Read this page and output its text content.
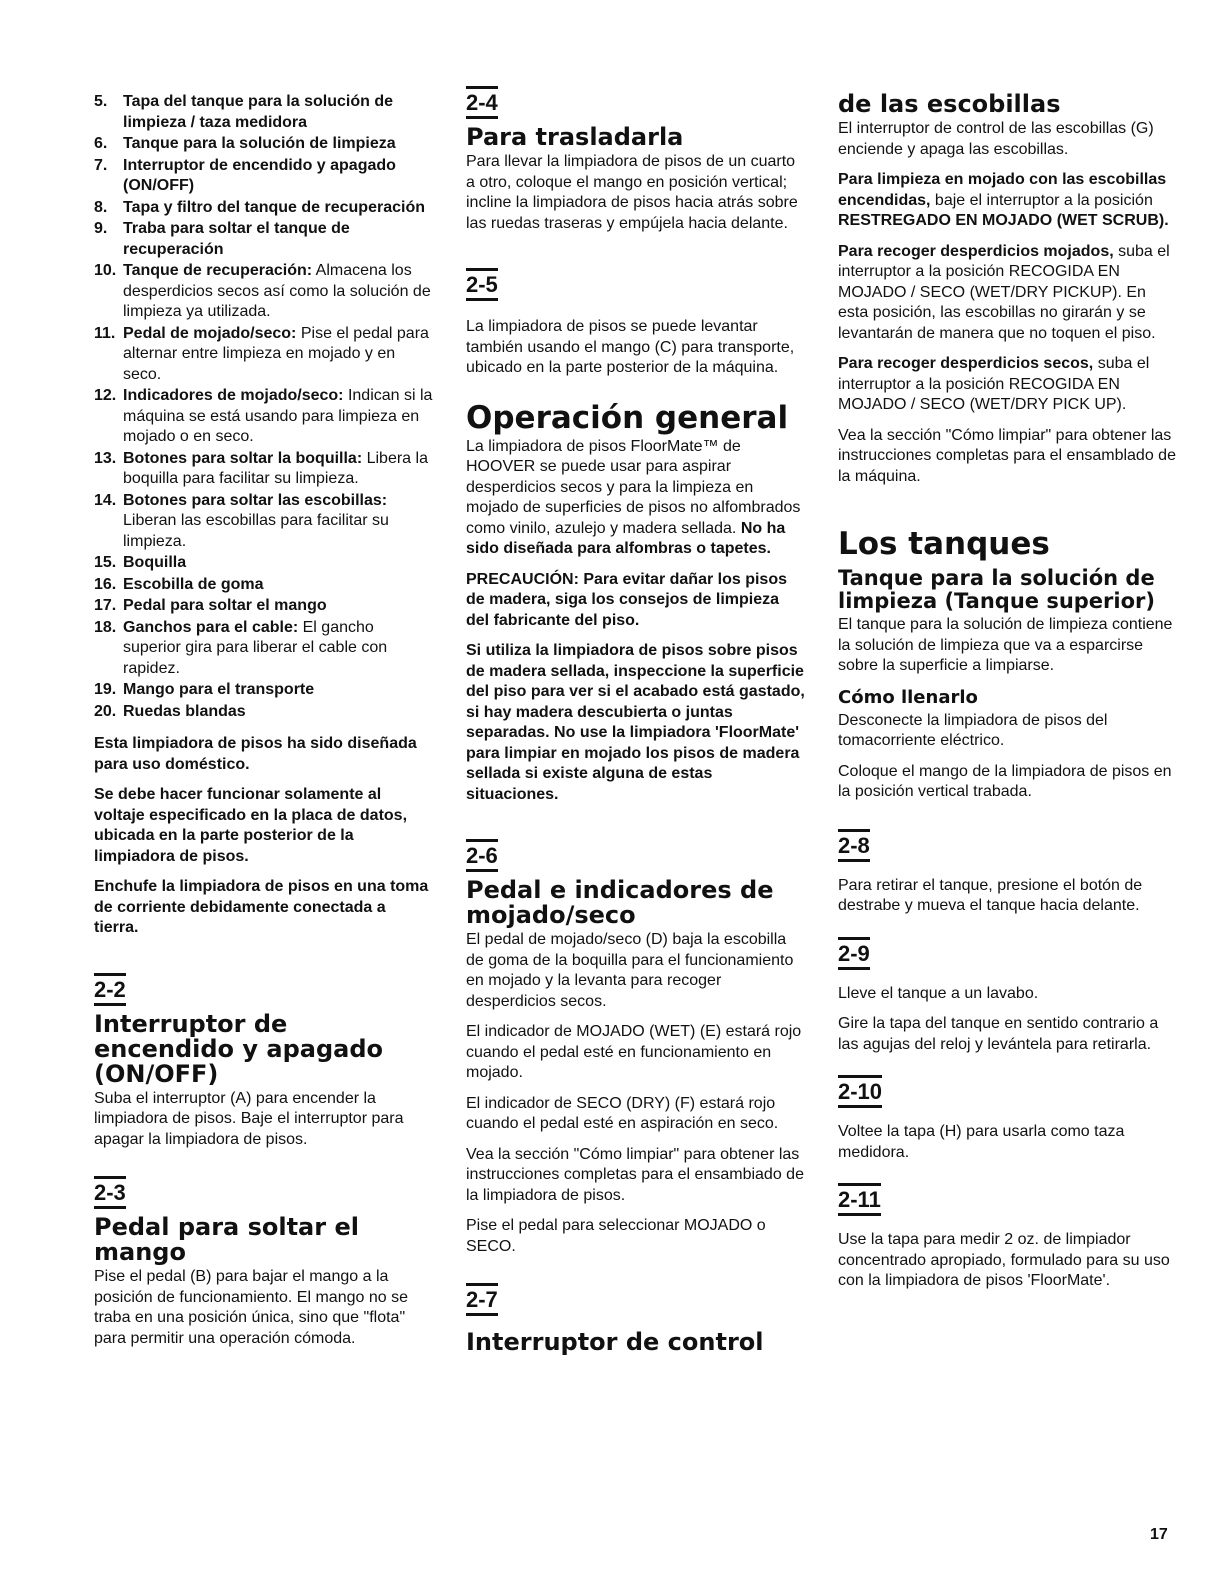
5. Tapa del tanque para la solución de limpieza / taza medidora
6. Tanque para la solución de limpieza
7. Interruptor de encendido y apagado (ON/OFF)
8. Tapa y filtro del tanque de recuperación
9. Traba para soltar el tanque de recuperación
10. Tanque de recuperación: Almacena los desperdicios secos así como la solución de limpieza ya utilizada.
11. Pedal de mojado/seco: Pise el pedal para alternar entre limpieza en mojado y en seco.
12. Indicadores de mojado/seco: Indican si la máquina se está usando para limpieza en mojado o en seco.
13. Botones para soltar la boquilla: Libera la boquilla para facilitar su limpieza.
14. Botones para soltar las escobillas: Liberan las escobillas para facilitar su limpieza.
15. Boquilla
16. Escobilla de goma
17. Pedal para soltar el mango
18. Ganchos para el cable: El gancho superior gira para liberar el cable con rapidez.
19. Mango para el transporte
20. Ruedas blandas

Esta limpiadora de pisos ha sido diseñada para uso doméstico.

Se debe hacer funcionar solamente al voltaje especificado en la placa de datos, ubicada en la parte posterior de la limpiadora de pisos.

Enchufe la limpiadora de pisos en una toma de corriente debidamente conectada a tierra.

2-2
Interruptor de encendido y apagado (ON/OFF)

Suba el interruptor (A) para encender la limpiadora de pisos. Baje el interruptor para apagar la limpiadora de pisos.

2-3
Pedal para soltar el mango

Pise el pedal (B) para bajar el mango a la posición de funcionamiento. El mango no se traba en una posición única, sino que "flota" para permitir una operación cómoda.

2-4
Para trasladarla

Para llevar la limpiadora de pisos de un cuarto a otro, coloque el mango en posición vertical; incline la limpiadora de pisos hacia atrás sobre las ruedas traseras y empújela hacia delante.

2-5

La limpiadora de pisos se puede levantar también usando el mango (C) para transporte, ubicado en la parte posterior de la máquina.

Operación general

La limpiadora de pisos FloorMate™ de HOOVER se puede usar para aspirar desperdicios secos y para la limpieza en mojado de superficies de pisos no alfombrados como vinilo, azulejo y madera sellada. No ha sido diseñada para alfombras o tapetes.

PRECAUCIÓN: Para evitar dañar los pisos de madera, siga los consejos de limpieza del fabricante del piso.

Si utiliza la limpiadora de pisos sobre pisos de madera sellada, inspeccione la superficie del piso para ver si el acabado está gastado, si hay madera descubierta o juntas separadas. No use la limpiadora 'FloorMate' para limpiar en mojado los pisos de madera sellada si existe alguna de estas situaciones.

2-6
Pedal e indicadores de mojado/seco

El pedal de mojado/seco (D) baja la escobilla de goma de la boquilla para el funcionamiento en mojado y la levanta para recoger desperdicios secos.

El indicador de MOJADO (WET) (E) estará rojo cuando el pedal esté en funcionamiento en mojado.

El indicador de SECO (DRY) (F) estará rojo cuando el pedal esté en aspiración en seco.

Vea la sección "Cómo limpiar" para obtener las instrucciones completas para el ensambiado de la limpiadora de pisos.

Pise el pedal para seleccionar MOJADO o SECO.

2-7
Interruptor de control
de las escobillas

El interruptor de control de las escobillas (G) enciende y apaga las escobillas.

Para limpieza en mojado con las escobillas encendidas, baje el interruptor a la posición RESTREGADO EN MOJADO (WET SCRUB).

Para recoger desperdicios mojados, suba el interruptor a la posición RECOGIDA EN MOJADO / SECO (WET/DRY PICKUP). En esta posición, las escobillas no girarán y se levantarán de manera que no toquen el piso.

Para recoger desperdicios secos, suba el interruptor a la posición RECOGIDA EN MOJADO / SECO (WET/DRY PICK UP).

Vea la sección "Cómo limpiar" para obtener las instrucciones completas para el ensamblado de la máquina.

Los tanques
Tanque para la solución de limpieza (Tanque superior)

El tanque para la solución de limpieza contiene la solución de limpieza que va a esparcirse sobre la superficie a limpiarse.

Cómo llenarlo

Desconecte la limpiadora de pisos del tomacorriente eléctrico.

Coloque el mango de la limpiadora de pisos en la posición vertical trabada.

2-8

Para retirar el tanque, presione el botón de destrabe y mueva el tanque hacia delante.

2-9

Lleve el tanque a un lavabo.

Gire la tapa del tanque en sentido contrario a las agujas del reloj y levántela para retirarla.

2-10

Voltee la tapa (H) para usarla como taza medidora.

2-11

Use la tapa para medir 2 oz. de limpiador concentrado apropiado, formulado para su uso con la limpiadora de pisos 'FloorMate'.

17
